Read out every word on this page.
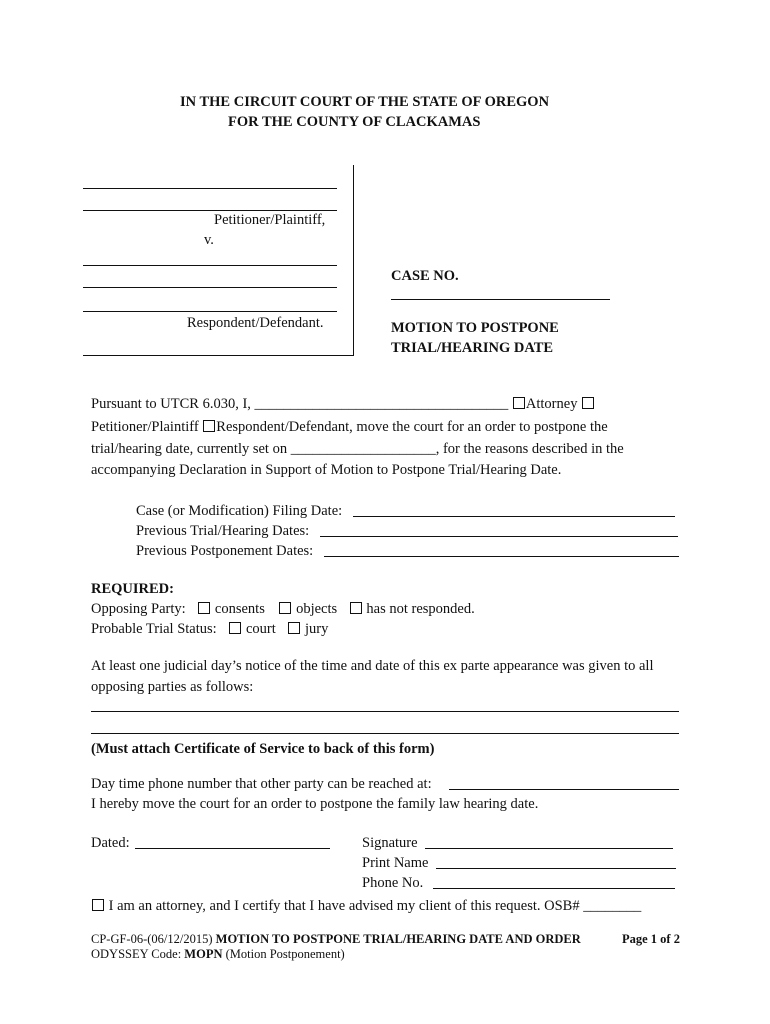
IN THE CIRCUIT COURT OF THE STATE OF OREGON
FOR THE COUNTY OF CLACKAMAS
Petitioner/Plaintiff,
v.
Respondent/Defendant.
CASE NO.
MOTION TO POSTPONE
TRIAL/HEARING DATE
Pursuant to UTCR 6.030, I, ___________________________________ Attorney
Petitioner/Plaintiff Respondent/Defendant, move the court for an order to postpone the
trial/hearing date, currently set on ____________________, for the reasons described in the
accompanying Declaration in Support of Motion to Postpone Trial/Hearing Date.
Case (or Modification) Filing Date:
Previous Trial/Hearing Dates:
Previous Postponement Dates:
REQUIRED:
Opposing Party: consents objects has not responded.
Probable Trial Status: court jury
At least one judicial day’s notice of the time and date of this ex parte appearance was given to all
opposing parties as follows:
(Must attach Certificate of Service to back of this form)
Day time phone number that other party can be reached at:
I hereby move the court for an order to postpone the family law hearing date.
Dated:	Signature
Print Name
Phone No.
I am an attorney, and I certify that I have advised my client of this request. OSB# ________
CP-GF-06-(06/12/2015) MOTION TO POSTPONE TRIAL/HEARING DATE AND ORDER	Page 1 of 2
ODYSSEY Code: MOPN (Motion Postponement)
